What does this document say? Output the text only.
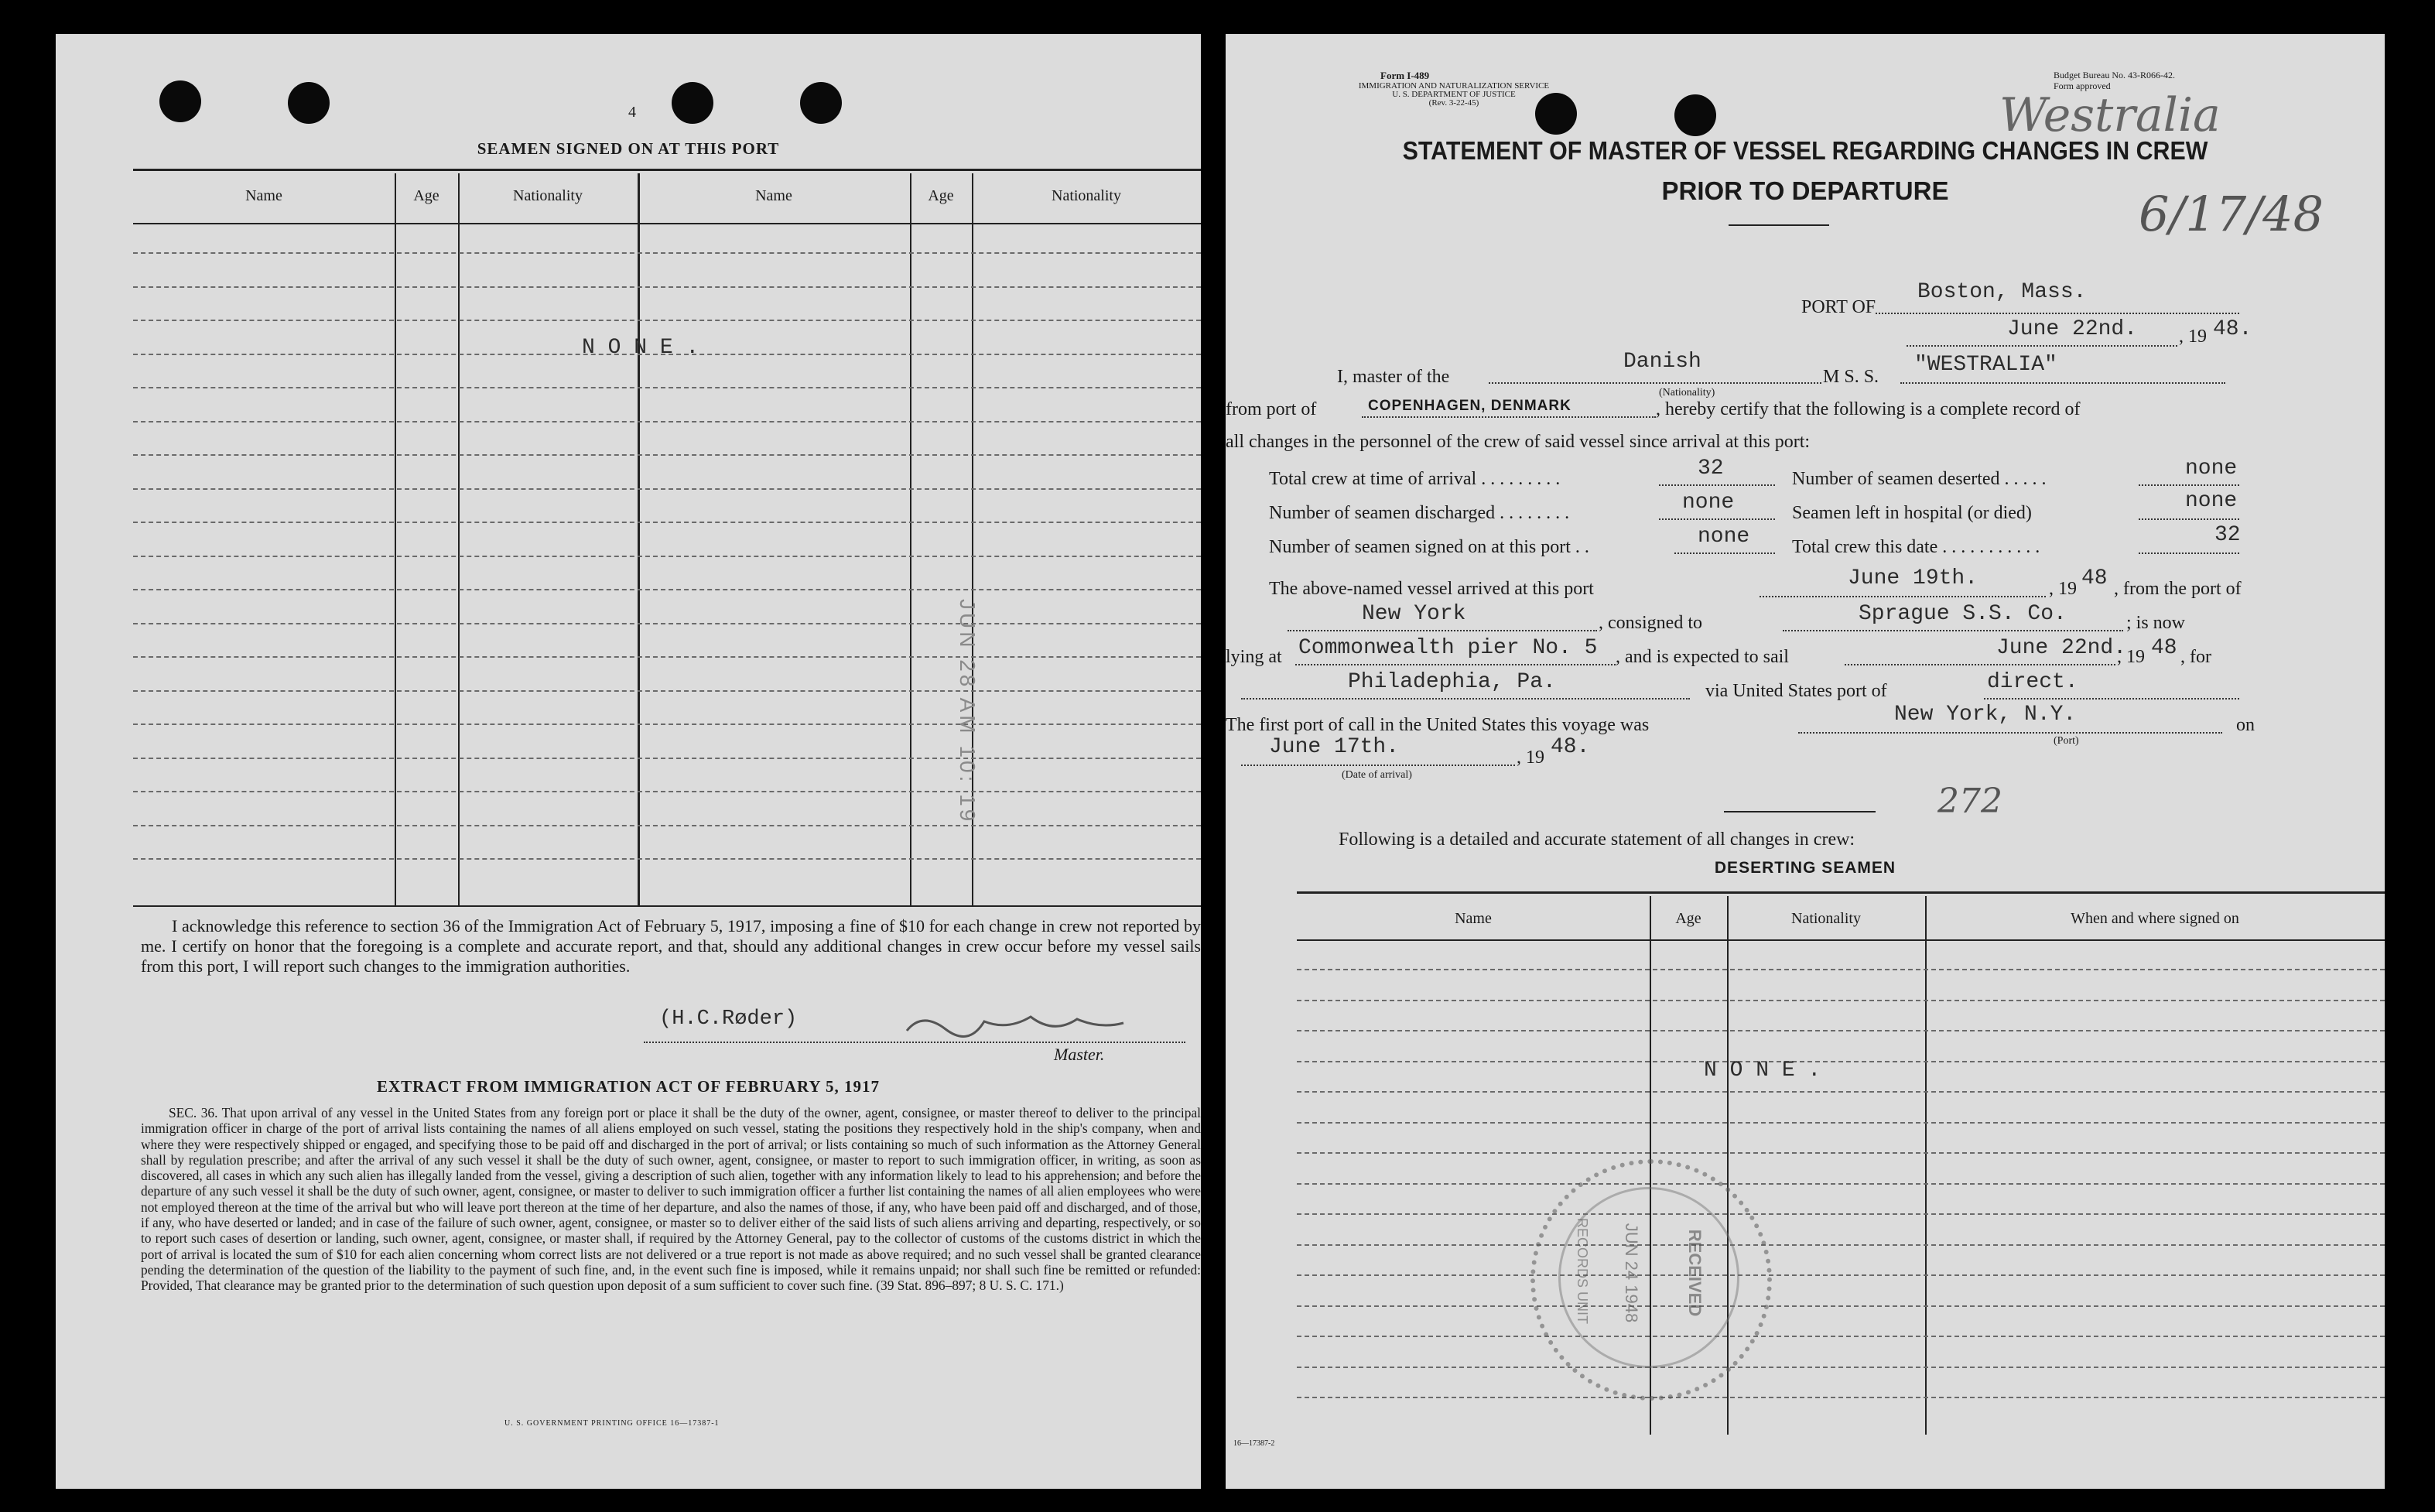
4
SEAMEN SIGNED ON AT THIS PORT
Name	Age	Nationality	Name	Age	Nationality
N O N E .
JUN 28 AM 10: 19
I acknowledge this reference to section 36 of the Immigration Act of February 5, 1917, imposing a fine of $10 for each change in crew not reported by me. I certify on honor that the foregoing is a complete and accurate report, and that, should any additional changes in crew occur before my vessel sails from this port, I will report such changes to the immigration authorities.
(H.C.Røder)
Master.
EXTRACT FROM IMMIGRATION ACT OF FEBRUARY 5, 1917
SEC. 36. That upon arrival of any vessel in the United States from any foreign port or place it shall be the duty of the owner, agent, consignee, or master thereof to deliver to the principal immigration officer in charge of the port of arrival lists containing the names of all aliens employed on such vessel, stating the positions they respectively hold in the ship's company, when and where they were respectively shipped or engaged, and specifying those to be paid off and discharged in the port of arrival; or lists containing so much of such information as the Attorney General shall by regulation prescribe; and after the arrival of any such vessel it shall be the duty of such owner, agent, consignee, or master to report to such immigration officer, in writing, as soon as discovered, all cases in which any such alien has illegally landed from the vessel, giving a description of such alien, together with any information likely to lead to his apprehension; and before the departure of any such vessel it shall be the duty of such owner, agent, consignee, or master to deliver to such immigration officer a further list containing the names of all alien employees who were not employed thereon at the time of the arrival but who will leave port thereon at the time of her departure, and also the names of those, if any, who have been paid off and discharged, and of those, if any, who have deserted or landed; and in case of the failure of such owner, agent, consignee, or master so to deliver either of the said lists of such aliens arriving and departing, respectively, or so to report such cases of desertion or landing, such owner, agent, consignee, or master shall, if required by the Attorney General, pay to the collector of customs of the customs district in which the port of arrival is located the sum of $10 for each alien concerning whom correct lists are not delivered or a true report is not made as above required; and no such vessel shall be granted clearance pending the determination of the question of the liability to the payment of such fine, and, in the event such fine is imposed, while it remains unpaid; nor shall such fine be remitted or refunded: Provided, That clearance may be granted prior to the determination of such question upon deposit of a sum sufficient to cover such fine. (39 Stat. 896–897; 8 U. S. C. 171.)
U. S. GOVERNMENT PRINTING OFFICE 16—17387-1
Form I-489
IMMIGRATION AND NATURALIZATION SERVICE
U. S. DEPARTMENT OF JUSTICE
(Rev. 3-22-45)
Budget Bureau No. 43-R066-42.
Form approved
Westralia
6/17/48
STATEMENT OF MASTER OF VESSEL REGARDING CHANGES IN CREW
PRIOR TO DEPARTURE
PORT OF
Boston, Mass.
June 22nd. , 19 48.
I, master of the
Danish
(Nationality)
M S. S. "WESTRALIA"
from port of	COPENHAGEN, DENMARK	, hereby certify that the following is a complete record of
all changes in the personnel of the crew of said vessel since arrival at this port:
Total crew at time of arrival . . . . . . . . .	32	Number of seamen deserted . . . . .	none
Number of seamen discharged . . . . . . . .	none	Seamen left in hospital (or died)	none
Number of seamen signed on at this port . .	none Total crew this date . . . . . . . . . . .	32
The above-named vessel arrived at this port	June 19th.	, 19 48 , from the port of
New York	, consigned to	Sprague S.S. Co.	; is now
lying at Commonwealth pier No. 5 , and is expected to sail	June 22nd.
, 19 48 , for
Philadephia, Pa.	via United States port of	direct.
The first port of call in the United States this voyage was	New York, N.Y.	on
(Port)
June 17th.	, 19 48.
(Date of arrival)
272
Following is a detailed and accurate statement of all changes in crew:
DESERTING SEAMEN
Name	Age	Nationality	When and where signed on
N O N E .
JUN 24 1948
RECORDS UNIT	RECEIVED
16—17387-2
